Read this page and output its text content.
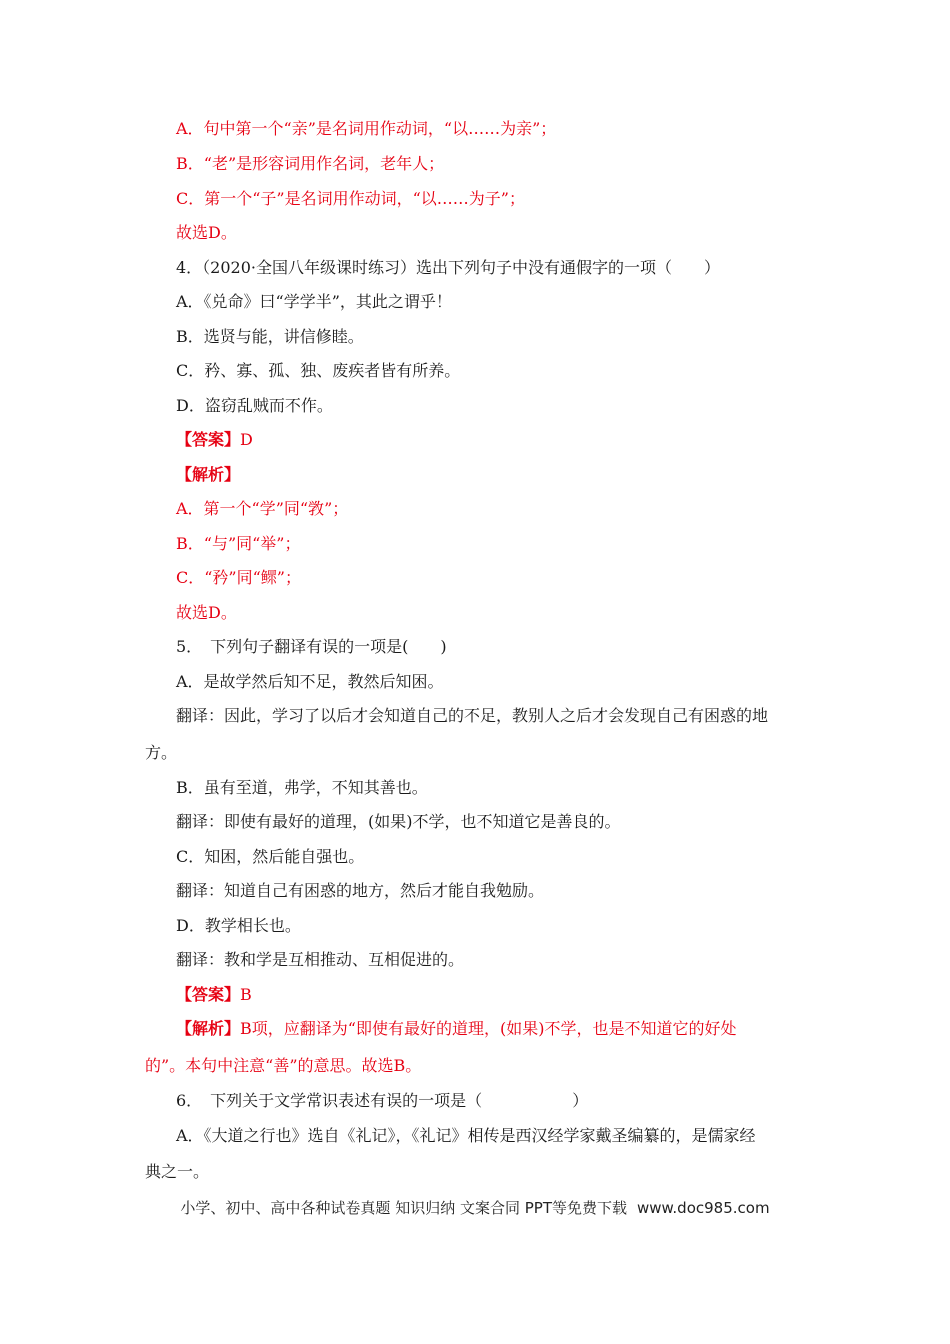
A．句中第一个“亲”是名词用作动词，“以……为亲”；
B．“老”是形容词用作名词，老年人；
C．第一个“子”是名词用作动词，“以……为子”；
故选D。
4．（2020·全国八年级课时练习）选出下列句子中没有通假字的一项（　　）
A．《兑命》曰“学学半”，其此之谓乎！
B．选贤与能，讲信修睦。
C．矜、寡、孤、独、废疾者皆有所养。
D．盗窃乱贼而不作。
【答案】D
【解析】
A．第一个“学”同“敩”；
B．“与”同“举”；
C．“矜”同“鳏”；
故选D。
5．　下列句子翻译有误的一项是(　　)
A．是故学然后知不足，教然后知困。
翻译：因此，学习了以后才会知道自己的不足，教别人之后才会发现自己有困惑的地
方。
B．虽有至道，弗学，不知其善也。
翻译：即使有最好的道理，(如果)不学，也不知道它是善良的。
C．知困，然后能自强也。
翻译：知道自己有困惑的地方，然后才能自我勉励。
D．教学相长也。
翻译：教和学是互相推动、互相促进的。
【答案】B
【解析】B项，应翻译为“即使有最好的道理，(如果)不学，也是不知道它的好处
的”。本句中注意“善”的意思。故选B。
6．　下列关于文学常识表述有误的一项是（	）
A．《大道之行也》选自《礼记》，《礼记》相传是西汉经学家戴圣编纂的，是儒家经
典之一。
小学、初中、高中各种试卷真题 知识归纳 文案合同 PPT等免费下载 www.doc985.com
